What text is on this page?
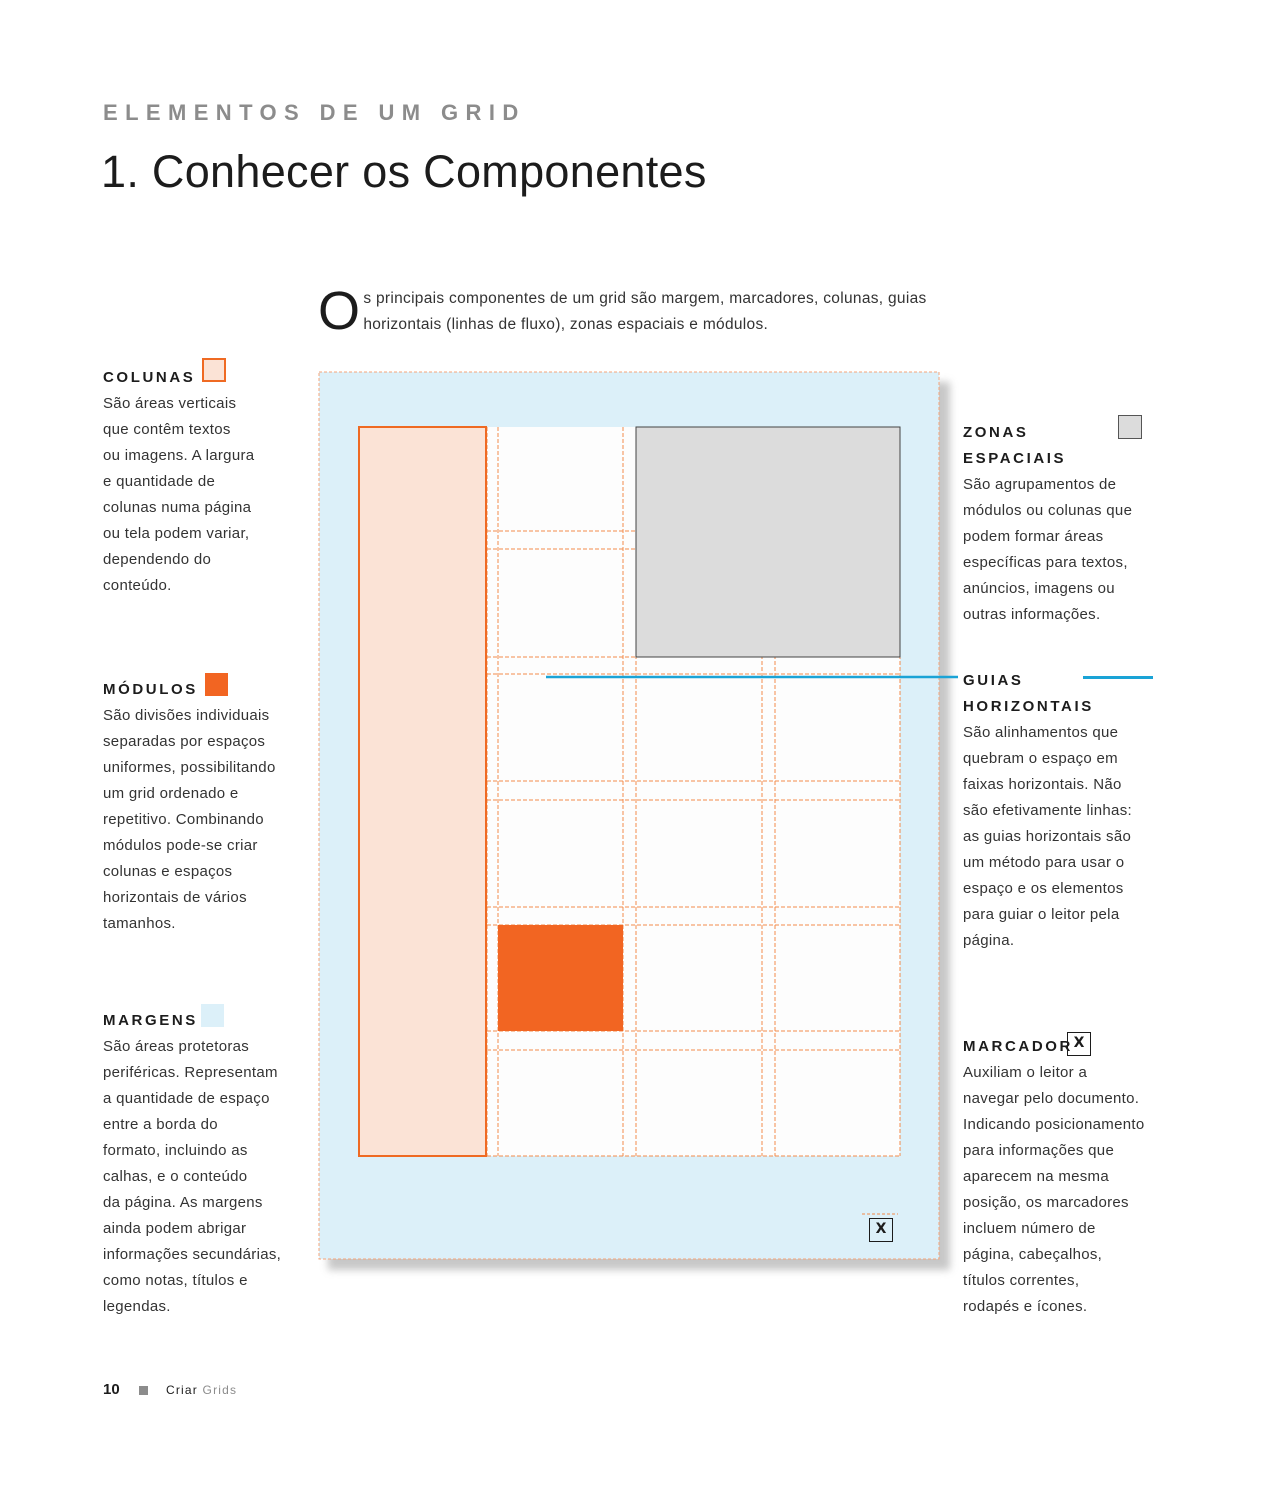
ELEMENTOS DE UM GRID
1. Conhecer os Componentes
O s principais componentes de um grid são margem, marcadores, colunas, guias horizontais (linhas de fluxo), zonas espaciais e módulos.
COLUNAS
São áreas verticais
que contêm textos
ou imagens. A largura
e quantidade de
colunas numa página
ou tela podem variar,
dependendo do
conteúdo.
MÓDULOS
São divisões individuais
separadas por espaços
uniformes, possibilitando
um grid ordenado e
repetitivo. Combinando
módulos pode-se criar
colunas e espaços
horizontais de vários
tamanhos.
MARGENS
São áreas protetoras
periféricas. Representam
a quantidade de espaço
entre a borda do
formato, incluindo as
calhas, e o conteúdo
da página. As margens
ainda podem abrigar
informações secundárias,
como notas, títulos e
legendas.
ZONAS
ESPACIAIS
São agrupamentos de
módulos ou colunas que
podem formar áreas
específicas para textos,
anúncios, imagens ou
outras informações.
GUIAS
HORIZONTAIS
São alinhamentos que
quebram o espaço em
faixas horizontais. Não
são efetivamente linhas:
as guias horizontais são
um método para usar o
espaço e os elementos
para guiar o leitor pela
página.
MARCADOR
Auxiliam o leitor a
navegar pelo documento.
Indicando posicionamento
para informações que
aparecem na mesma
posição, os marcadores
incluem número de
página, cabeçalhos,
títulos correntes,
rodapés e ícones.
X
X
10	Criar Grids
